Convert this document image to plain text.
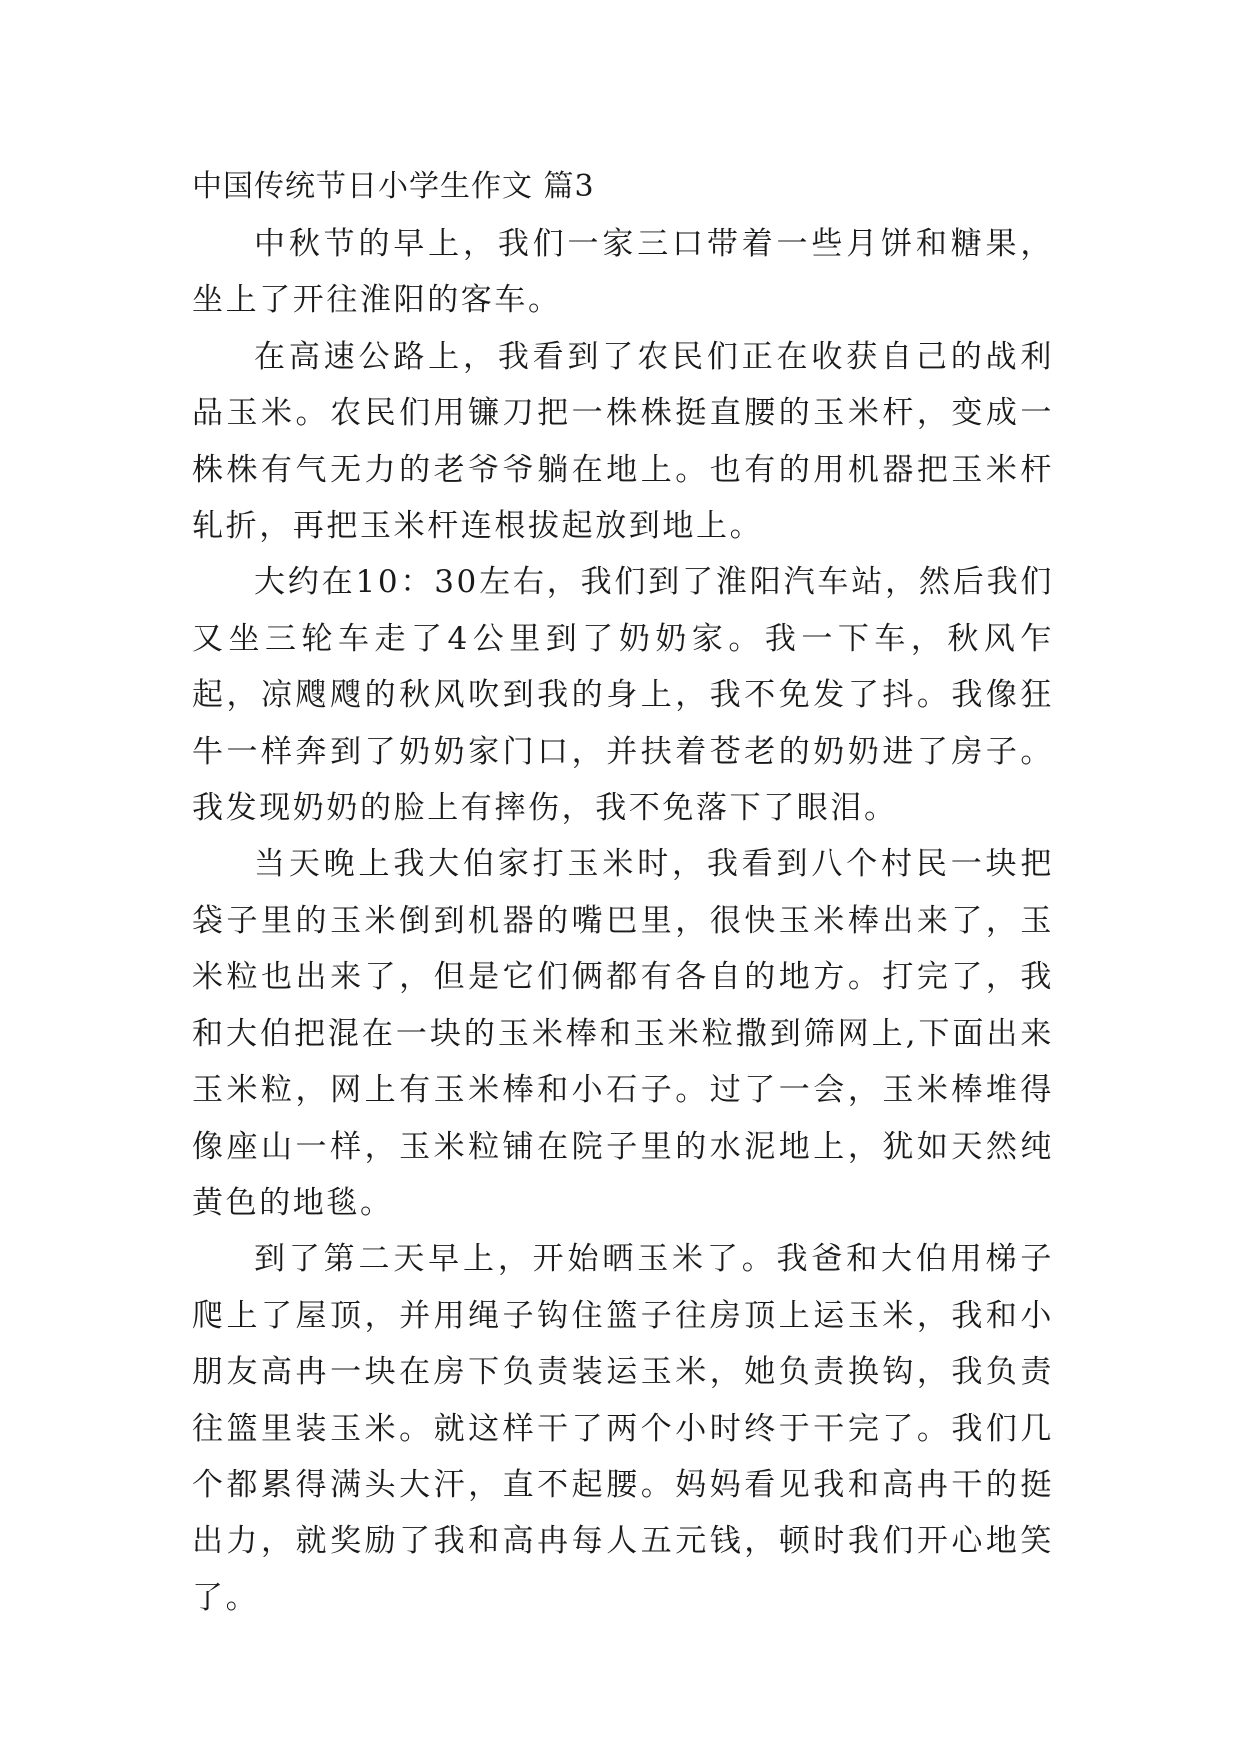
中国传统节日小学生作文 篇3

中秋节的早上，我们一家三口带着一些月饼和糖果，坐上了开往淮阳的客车。

在高速公路上，我看到了农民们正在收获自己的战利品玉米。农民们用镰刀把一株株挺直腰的玉米杆，变成一株株有气无力的老爷爷躺在地上。也有的用机器把玉米杆轧折，再把玉米杆连根拔起放到地上。

大约在10：30左右，我们到了淮阳汽车站，然后我们又坐三轮车走了4公里到了奶奶家。我一下车，秋风乍起，凉飕飕的秋风吹到我的身上，我不免发了抖。我像狂牛一样奔到了奶奶家门口，并扶着苍老的奶奶进了房子。我发现奶奶的脸上有摔伤，我不免落下了眼泪。

当天晚上我大伯家打玉米时，我看到八个村民一块把袋子里的玉米倒到机器的嘴巴里，很快玉米棒出来了，玉米粒也出来了，但是它们俩都有各自的地方。打完了，我和大伯把混在一块的玉米棒和玉米粒撒到筛网上,下面出来玉米粒，网上有玉米棒和小石子。过了一会，玉米棒堆得像座山一样，玉米粒铺在院子里的水泥地上，犹如天然纯黄色的地毯。

到了第二天早上，开始晒玉米了。我爸和大伯用梯子爬上了屋顶，并用绳子钩住篮子往房顶上运玉米，我和小朋友高冉一块在房下负责装运玉米，她负责换钩，我负责往篮里装玉米。就这样干了两个小时终于干完了。我们几个都累得满头大汗，直不起腰。妈妈看见我和高冉干的挺出力，就奖励了我和高冉每人五元钱，顿时我们开心地笑了。
